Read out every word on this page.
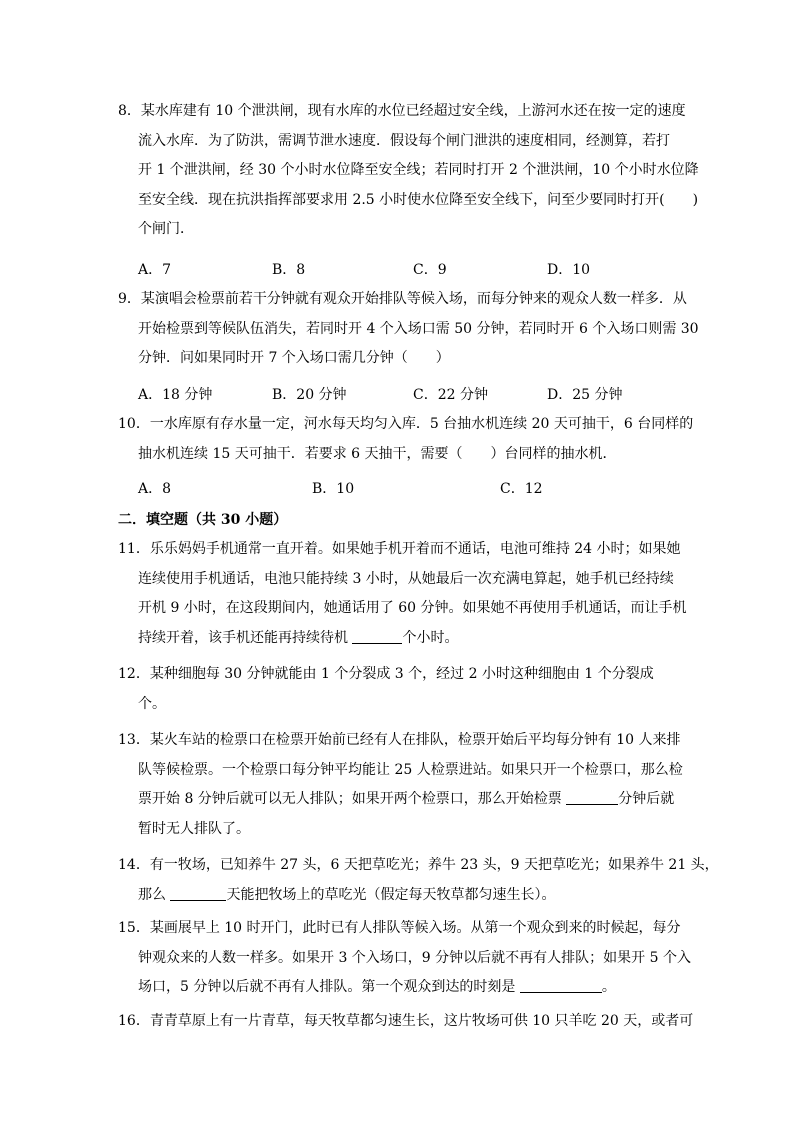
8．某水库建有 10 个泄洪闸，现有水库的水位已经超过安全线，上游河水还在按一定的速度
流入水库．为了防洪，需调节泄水速度．假设每个闸门泄洪的速度相同，经测算，若打
开 1 个泄洪闸，经 30 个小时水位降至安全线；若同时打开 2 个泄洪闸，10 个小时水位降
至安全线．现在抗洪指挥部要求用 2.5 小时使水位降至安全线下，问至少要同时打开(　　)
个闸门．
A．7	B．8	C．9	D．10
9．某演唱会检票前若干分钟就有观众开始排队等候入场，而每分钟来的观众人数一样多．从
开始检票到等候队伍消失，若同时开 4 个入场口需 50 分钟，若同时开 6 个入场口则需 30
分钟．问如果同时开 7 个入场口需几分钟（　　）
A．18 分钟	B．20 分钟	C．22 分钟	D．25 分钟
10．一水库原有存水量一定，河水每天均匀入库．5 台抽水机连续 20 天可抽干，6 台同样的
抽水机连续 15 天可抽干．若要求 6 天抽干，需要（　　）台同样的抽水机．
A．8	B．10	C．12
二．填空题（共 30 小题）
11．乐乐妈妈手机通常一直开着。如果她手机开着而不通话，电池可维持 24 小时；如果她
连续使用手机通话，电池只能持续 3 小时，从她最后一次充满电算起，她手机已经持续
开机 9 小时，在这段期间内，她通话用了 60 分钟。如果她不再使用手机通话，而让手机
持续开着，该手机还能再持续待机	个小时。
12．某种细胞每 30 分钟就能由 1 个分裂成 3 个，经过 2 小时这种细胞由 1 个分裂成
个。
13．某火车站的检票口在检票开始前已经有人在排队，检票开始后平均每分钟有 10 人来排
队等候检票。一个检票口每分钟平均能让 25 人检票进站。如果只开一个检票口，那么检
票开始 8 分钟后就可以无人排队；如果开两个检票口，那么开始检票	分钟后就
暂时无人排队了。
14．有一牧场，已知养牛 27 头，6 天把草吃光；养牛 23 头，9 天把草吃光；如果养牛 21 头，
那么	天能把牧场上的草吃光（假定每天牧草都匀速生长）。
15．某画展早上 10 时开门，此时已有人排队等候入场。从第一个观众到来的时候起，每分
钟观众来的人数一样多。如果开 3 个入场口，9 分钟以后就不再有人排队；如果开 5 个入
场口，5 分钟以后就不再有人排队。第一个观众到达的时刻是	。
16．青青草原上有一片青草，每天牧草都匀速生长，这片牧场可供 10 只羊吃 20 天，或者可
